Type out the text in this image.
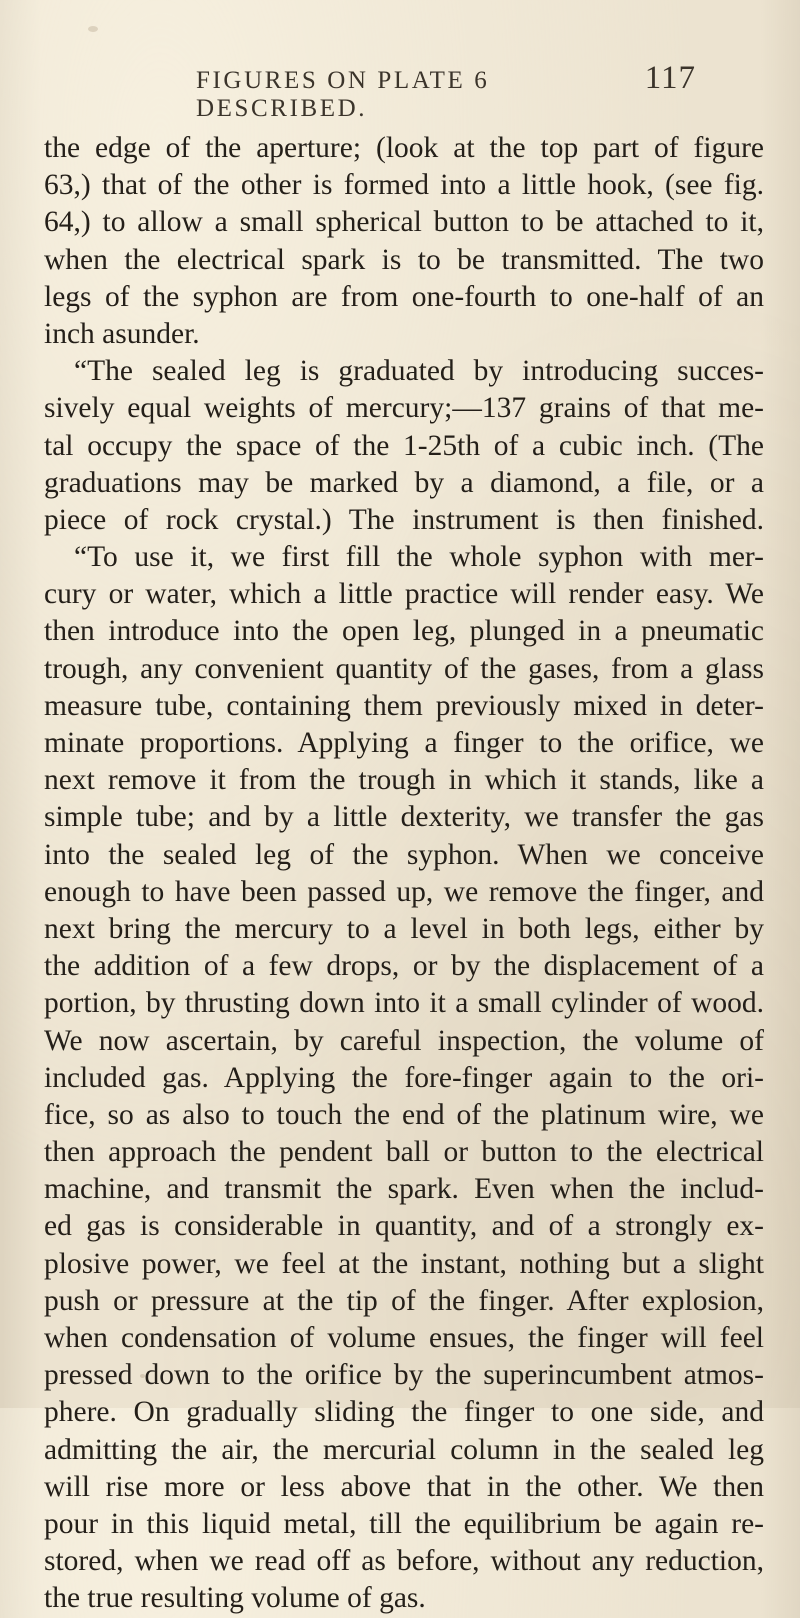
FIGURES ON PLATE 6 DESCRIBED.
117
the edge of the aperture; (look at the top part of figure
63,) that of the other is formed into a little hook, (see fig.
64,) to allow a small spherical button to be attached to it,
when the electrical spark is to be transmitted. The two
legs of the syphon are from one-fourth to one-half of an
inch asunder.
“The sealed leg is graduated by introducing succes-
sively equal weights of mercury;—137 grains of that me-
tal occupy the space of the 1-25th of a cubic inch. (The
graduations may be marked by a diamond, a file, or a
piece of rock crystal.) The instrument is then finished.
“To use it, we first fill the whole syphon with mer-
cury or water, which a little practice will render easy. We
then introduce into the open leg, plunged in a pneumatic
trough, any convenient quantity of the gases, from a glass
measure tube, containing them previously mixed in deter-
minate proportions. Applying a finger to the orifice, we
next remove it from the trough in which it stands, like a
simple tube; and by a little dexterity, we transfer the gas
into the sealed leg of the syphon. When we conceive
enough to have been passed up, we remove the finger, and
next bring the mercury to a level in both legs, either by
the addition of a few drops, or by the displacement of a
portion, by thrusting down into it a small cylinder of wood.
We now ascertain, by careful inspection, the volume of
included gas. Applying the fore-finger again to the ori-
fice, so as also to touch the end of the platinum wire, we
then approach the pendent ball or button to the electrical
machine, and transmit the spark. Even when the includ-
ed gas is considerable in quantity, and of a strongly ex-
plosive power, we feel at the instant, nothing but a slight
push or pressure at the tip of the finger. After explosion,
when condensation of volume ensues, the finger will feel
pressed down to the orifice by the superincumbent atmos-
phere. On gradually sliding the finger to one side, and
admitting the air, the mercurial column in the sealed leg
will rise more or less above that in the other. We then
pour in this liquid metal, till the equilibrium be again re-
stored, when we read off as before, without any reduction,
the true resulting volume of gas.
